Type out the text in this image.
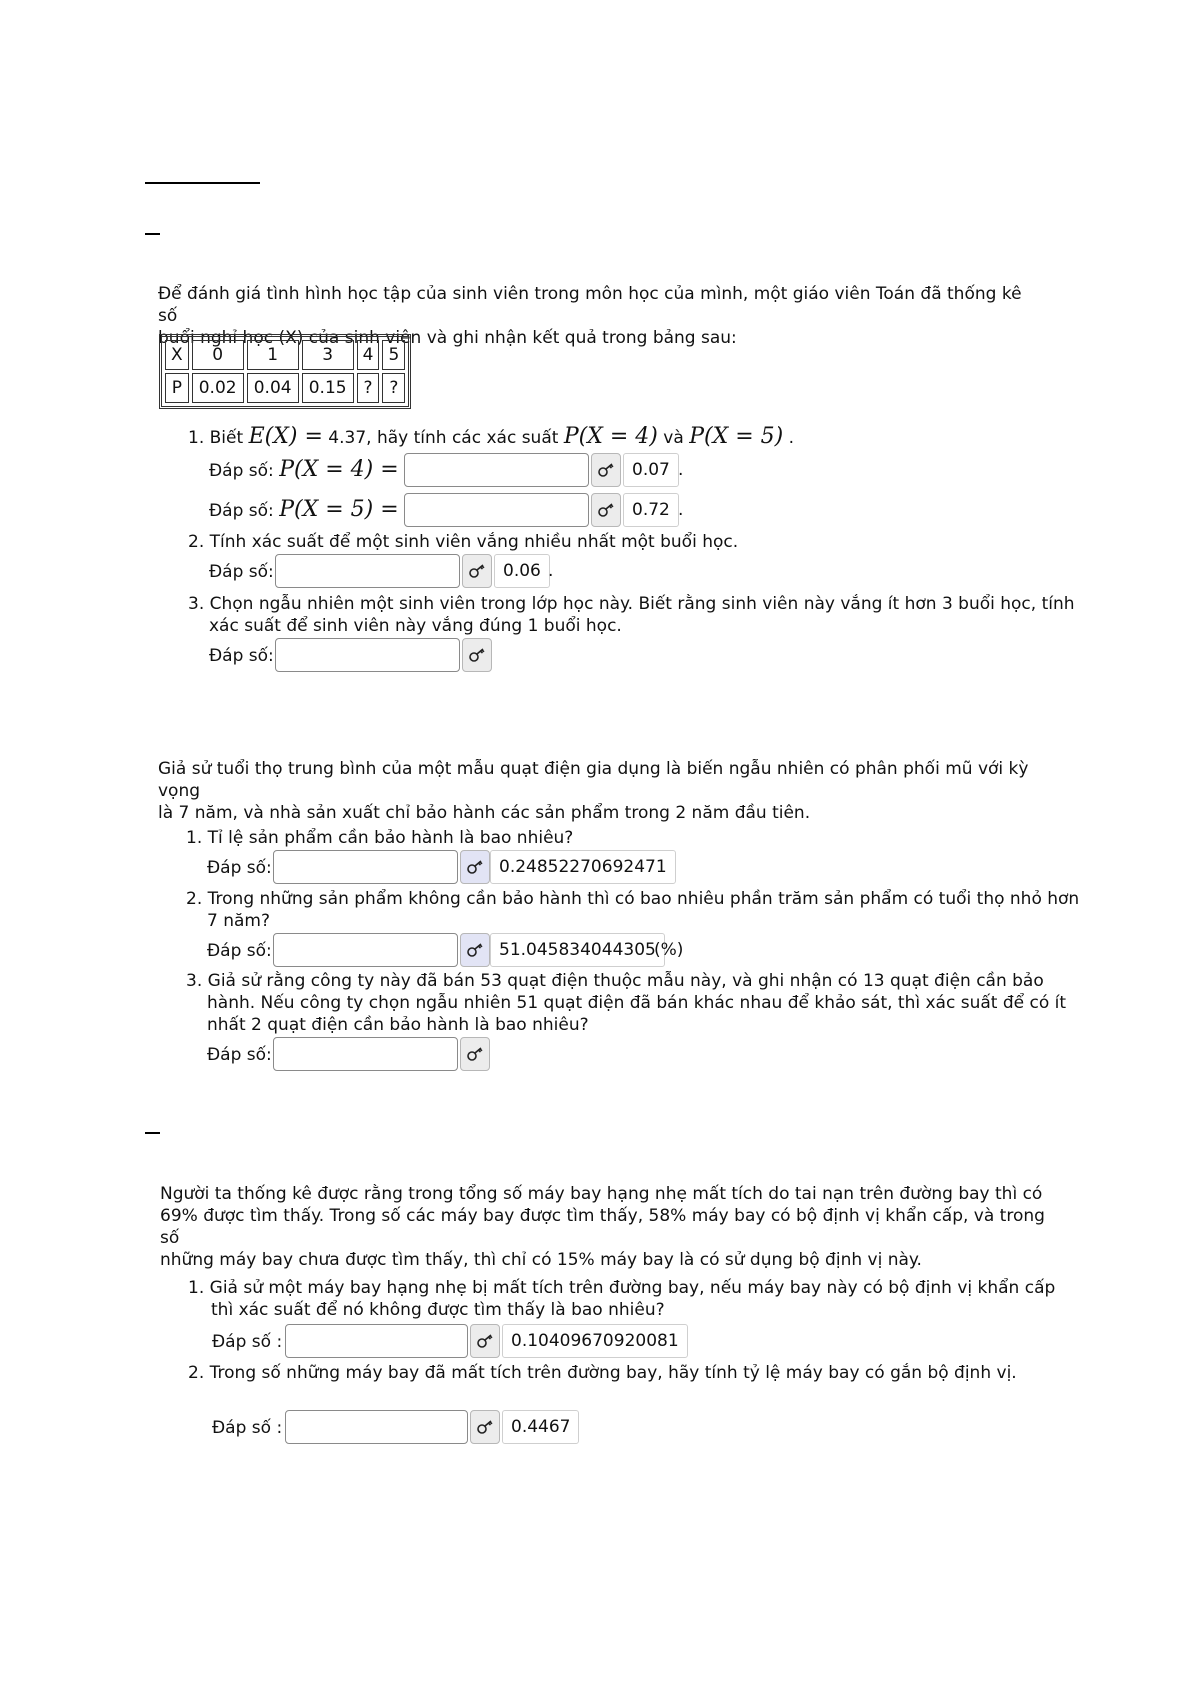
Để đánh giá tình hình học tập của sinh viên trong môn học của mình, một giáo viên Toán đã thống kê số
buổi nghỉ học (X) của sinh viên và ghi nhận kết quả trong bảng sau:
X	0	1	3	4	5
P	0.02	0.04	0.15	?	?
1. Biết E(X) = 4.37, hãy tính các xác suất P(X = 4) và P(X = 5) .
Đáp số: P(X = 4) =	0.07 .
Đáp số: P(X = 5) =	0.72 .
2. Tính xác suất để một sinh viên vắng nhiều nhất một buổi học.
Đáp số:	0.06 .
3. Chọn ngẫu nhiên một sinh viên trong lớp học này. Biết rằng sinh viên này vắng ít hơn 3 buổi học, tính
xác suất để sinh viên này vắng đúng 1 buổi học.
Đáp số:
Giả sử tuổi thọ trung bình của một mẫu quạt điện gia dụng là biến ngẫu nhiên có phân phối mũ với kỳ vọng
là 7 năm, và nhà sản xuất chỉ bảo hành các sản phẩm trong 2 năm đầu tiên.
1. Tỉ lệ sản phẩm cần bảo hành là bao nhiêu?
Đáp số:	0.24852270692471
2. Trong những sản phẩm không cần bảo hành thì có bao nhiêu phần trăm sản phẩm có tuổi thọ nhỏ hơn
7 năm?
Đáp số:	51.045834044305
(%)
3. Giả sử rằng công ty này đã bán 53 quạt điện thuộc mẫu này, và ghi nhận có 13 quạt điện cần bảo
hành. Nếu công ty chọn ngẫu nhiên 51 quạt điện đã bán khác nhau để khảo sát, thì xác suất để có ít
nhất 2 quạt điện cần bảo hành là bao nhiêu?
Đáp số:
Người ta thống kê được rằng trong tổng số máy bay hạng nhẹ mất tích do tai nạn trên đường bay thì có
69% được tìm thấy. Trong số các máy bay được tìm thấy, 58% máy bay có bộ định vị khẩn cấp, và trong số
những máy bay chưa được tìm thấy, thì chỉ có 15% máy bay là có sử dụng bộ định vị này.
1. Giả sử một máy bay hạng nhẹ bị mất tích trên đường bay, nếu máy bay này có bộ định vị khẩn cấp
thì xác suất để nó không được tìm thấy là bao nhiêu?
Đáp số :	0.10409670920081
2. Trong số những máy bay đã mất tích trên đường bay, hãy tính tỷ lệ máy bay có gắn bộ định vị.
Đáp số :	0.4467
